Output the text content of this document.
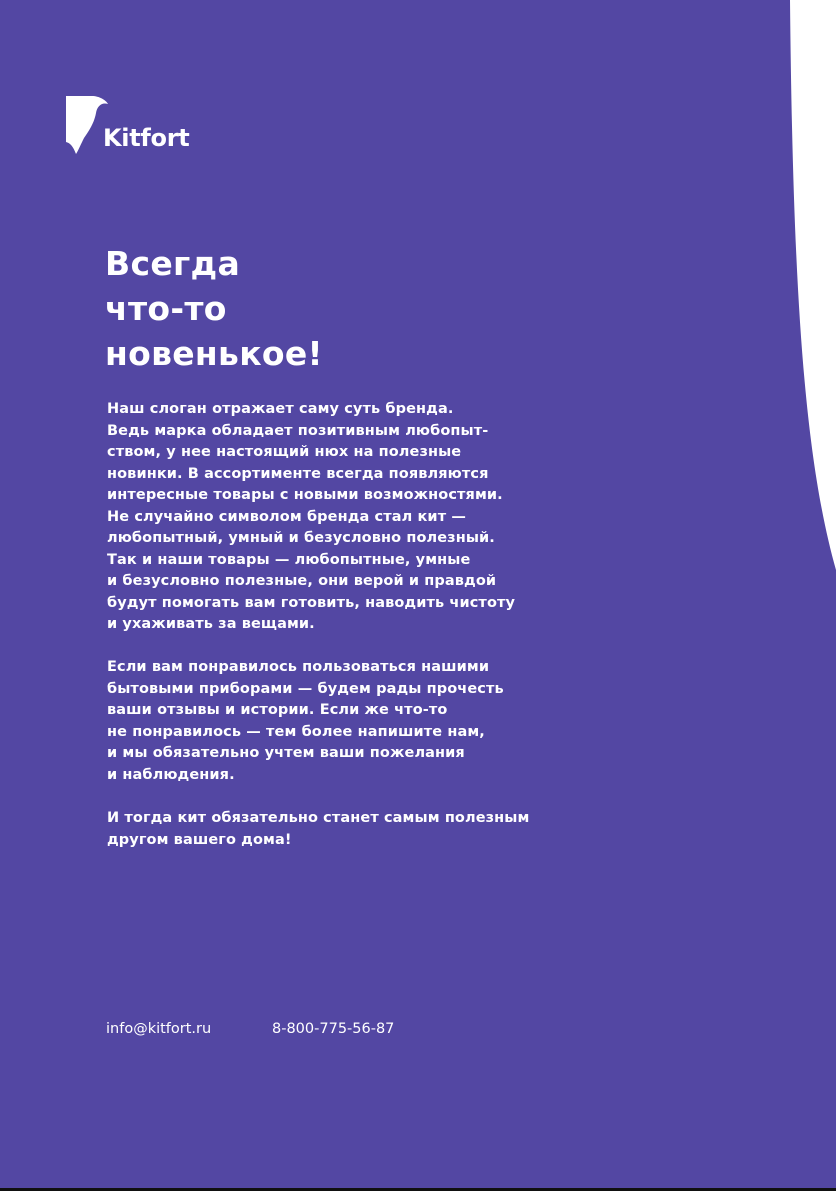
Kitfort
Всегда
что-то
новенькое!
Наш слоган отражает саму суть бренда.
Ведь марка обладает позитивным любопыт-
ством, у нее настоящий нюх на полезные
новинки. В ассортименте всегда появляются
интересные товары с новыми возможностями.
Не случайно символом бренда стал кит —
любопытный, умный и безусловно полезный.
Так и наши товары — любопытные, умные
и безусловно полезные, они верой и правдой
будут помогать вам готовить, наводить чистоту
и ухаживать за вещами.
Если вам понравилось пользоваться нашими
бытовыми приборами — будем рады прочесть
ваши отзывы и истории. Если же что-то
не понравилось — тем более напишите нам,
и мы обязательно учтем ваши пожелания
и наблюдения.
И тогда кит обязательно станет самым полезным
другом вашего дома!
info@kitfort.ru	8-800-775-56-87
